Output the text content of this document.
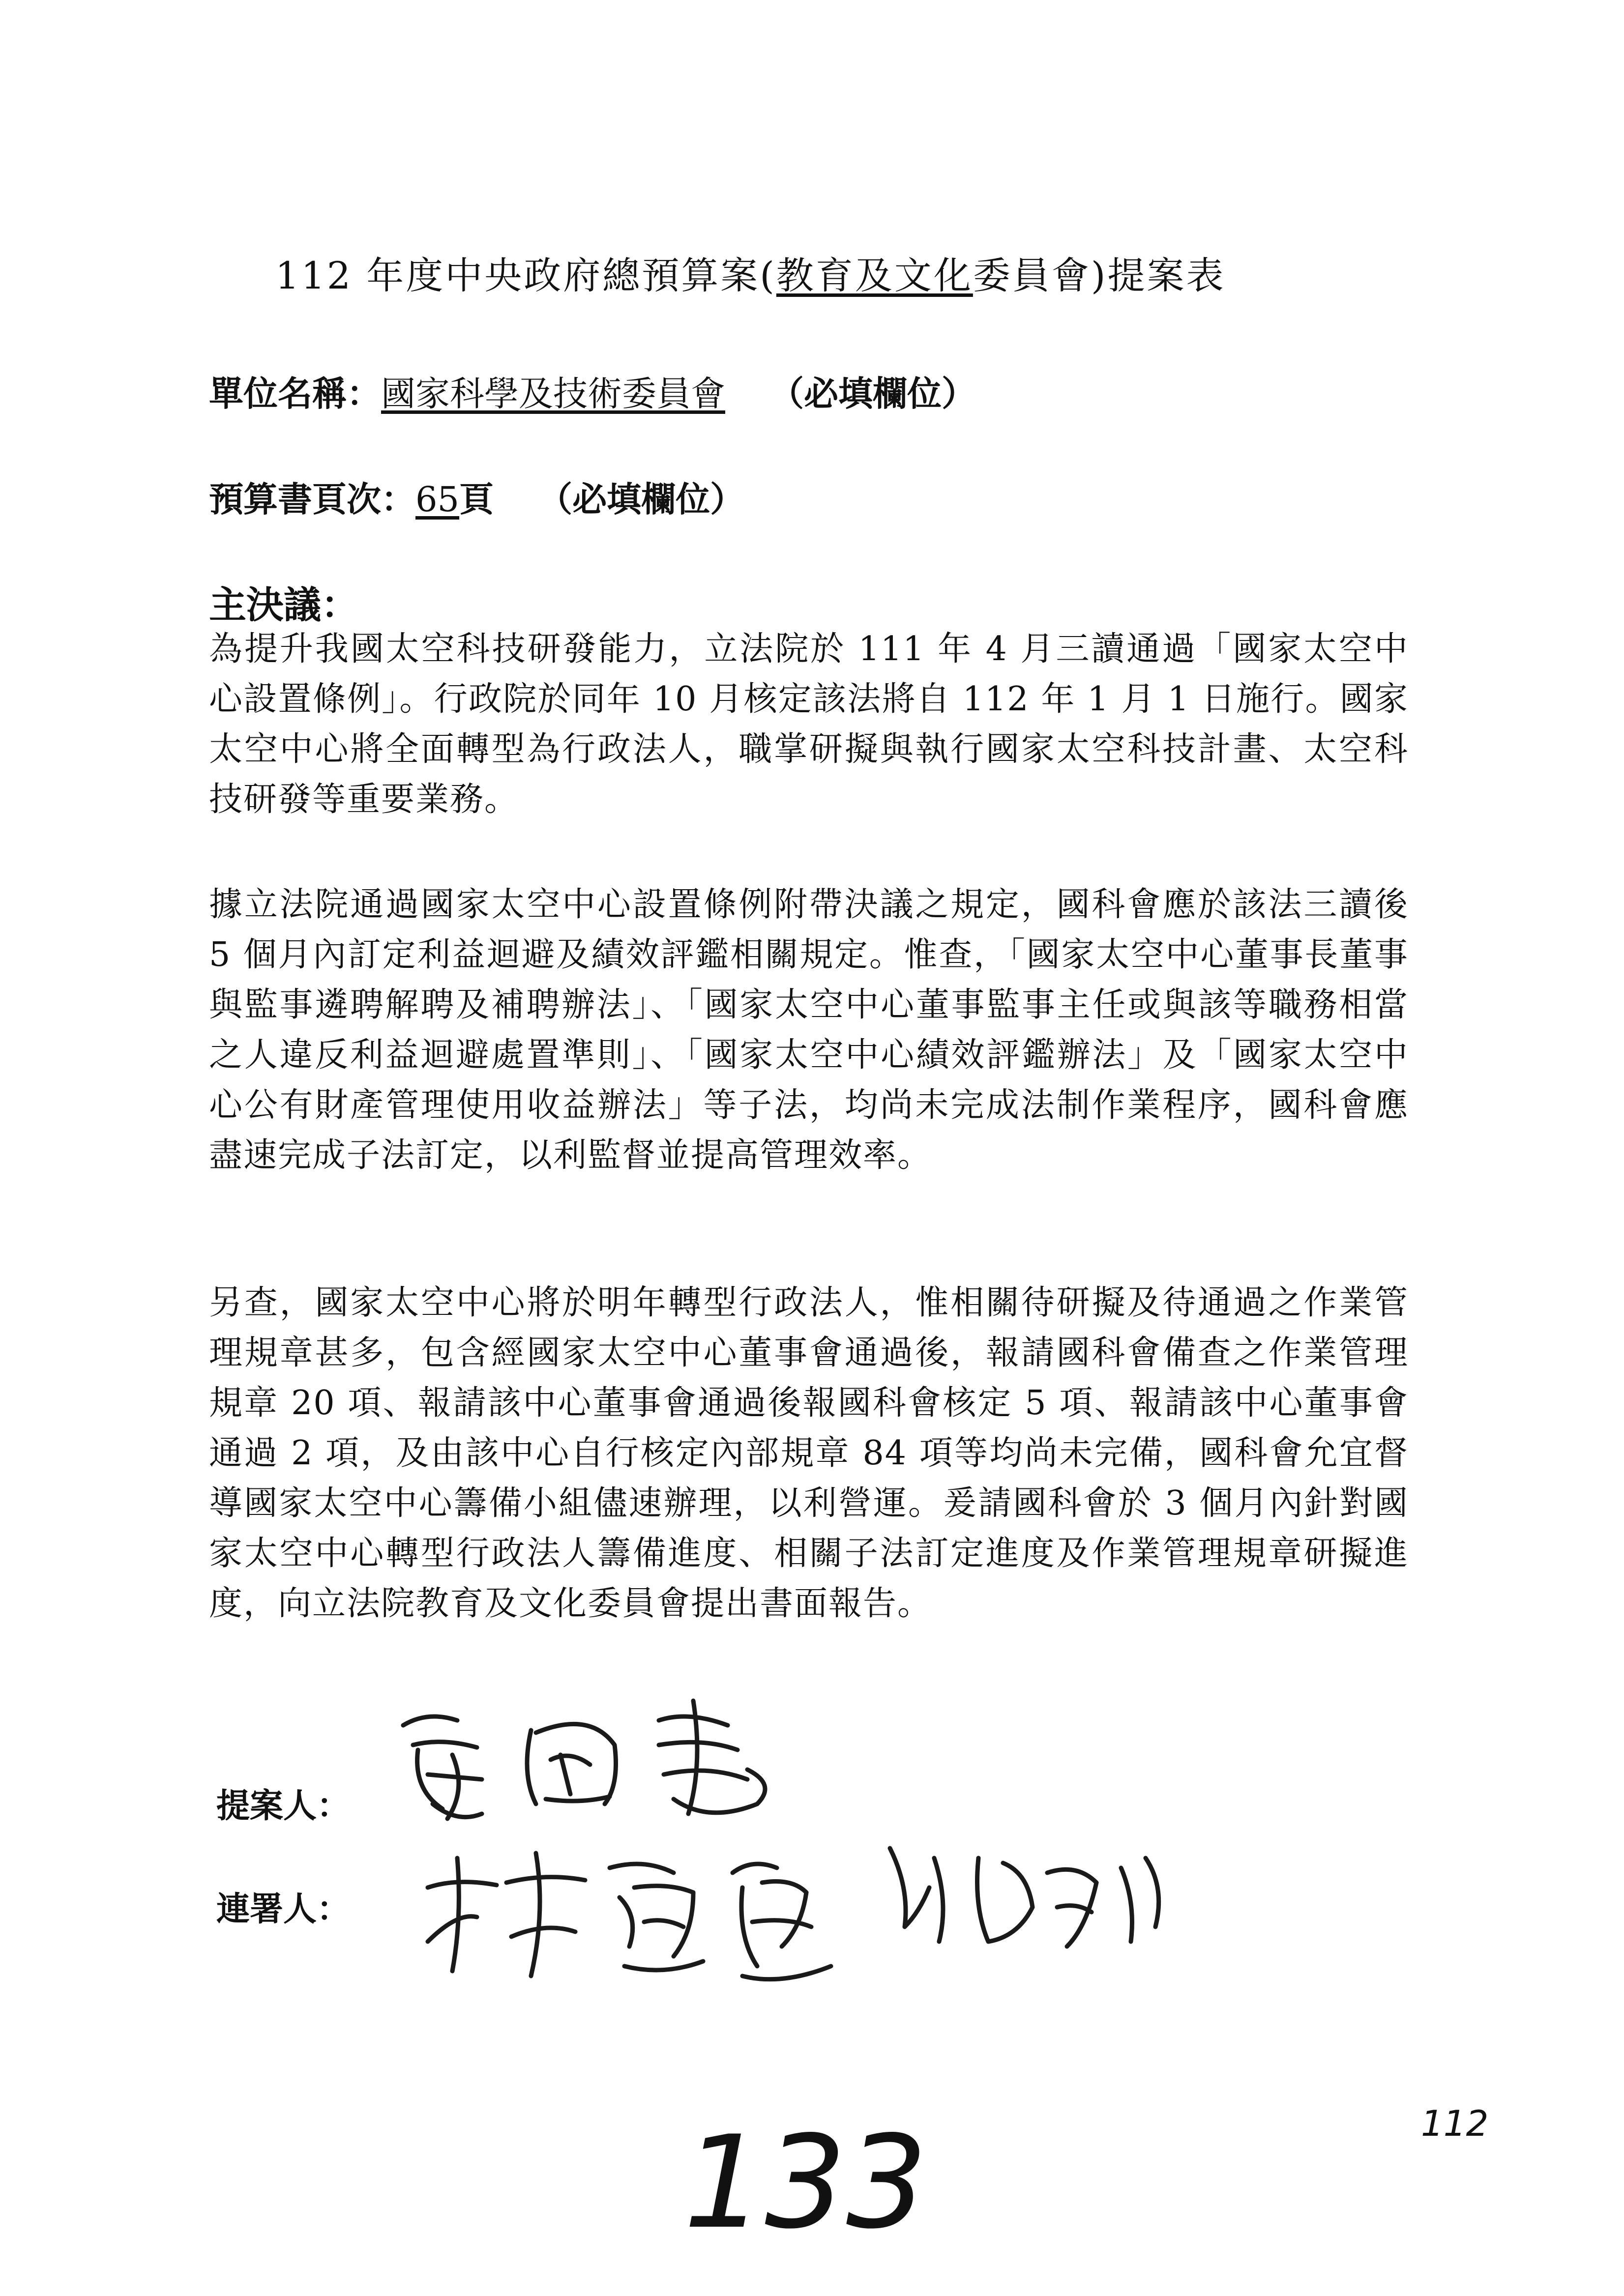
112 年度中央政府總預算案(教育及文化委員會)提案表
單位名稱：國家科學及技術委員會 （必填欄位）
預算書頁次：65頁 （必填欄位）
主決議：
為提升我國太空科技研發能力，立法院於 111 年 4 月三讀通過「國家太空中心設置條例」。行政院於同年 10 月核定該法將自 112 年 1 月 1 日施行。國家太空中心將全面轉型為行政法人，職掌研擬與執行國家太空科技計畫、太空科技研發等重要業務。
據立法院通過國家太空中心設置條例附帶決議之規定，國科會應於該法三讀後 5 個月內訂定利益迴避及績效評鑑相關規定。惟查，「國家太空中心董事長董事與監事遴聘解聘及補聘辦法」、「國家太空中心董事監事主任或與該等職務相當之人違反利益迴避處置準則」、「國家太空中心績效評鑑辦法」及「國家太空中心公有財產管理使用收益辦法」等子法，均尚未完成法制作業程序，國科會應盡速完成子法訂定，以利監督並提高管理效率。
另查，國家太空中心將於明年轉型行政法人，惟相關待研擬及待通過之作業管理規章甚多，包含經國家太空中心董事會通過後，報請國科會備查之作業管理規章 20 項、報請該中心董事會通過後報國科會核定 5 項、報請該中心董事會通過 2 項，及由該中心自行核定內部規章 84 項等均尚未完備，國科會允宜督導國家太空中心籌備小組儘速辦理，以利營運。爰請國科會於 3 個月內針對國家太空中心轉型行政法人籌備進度、相關子法訂定進度及作業管理規章研擬進度，向立法院教育及文化委員會提出書面報告。
提案人：
連署人：
133	112
